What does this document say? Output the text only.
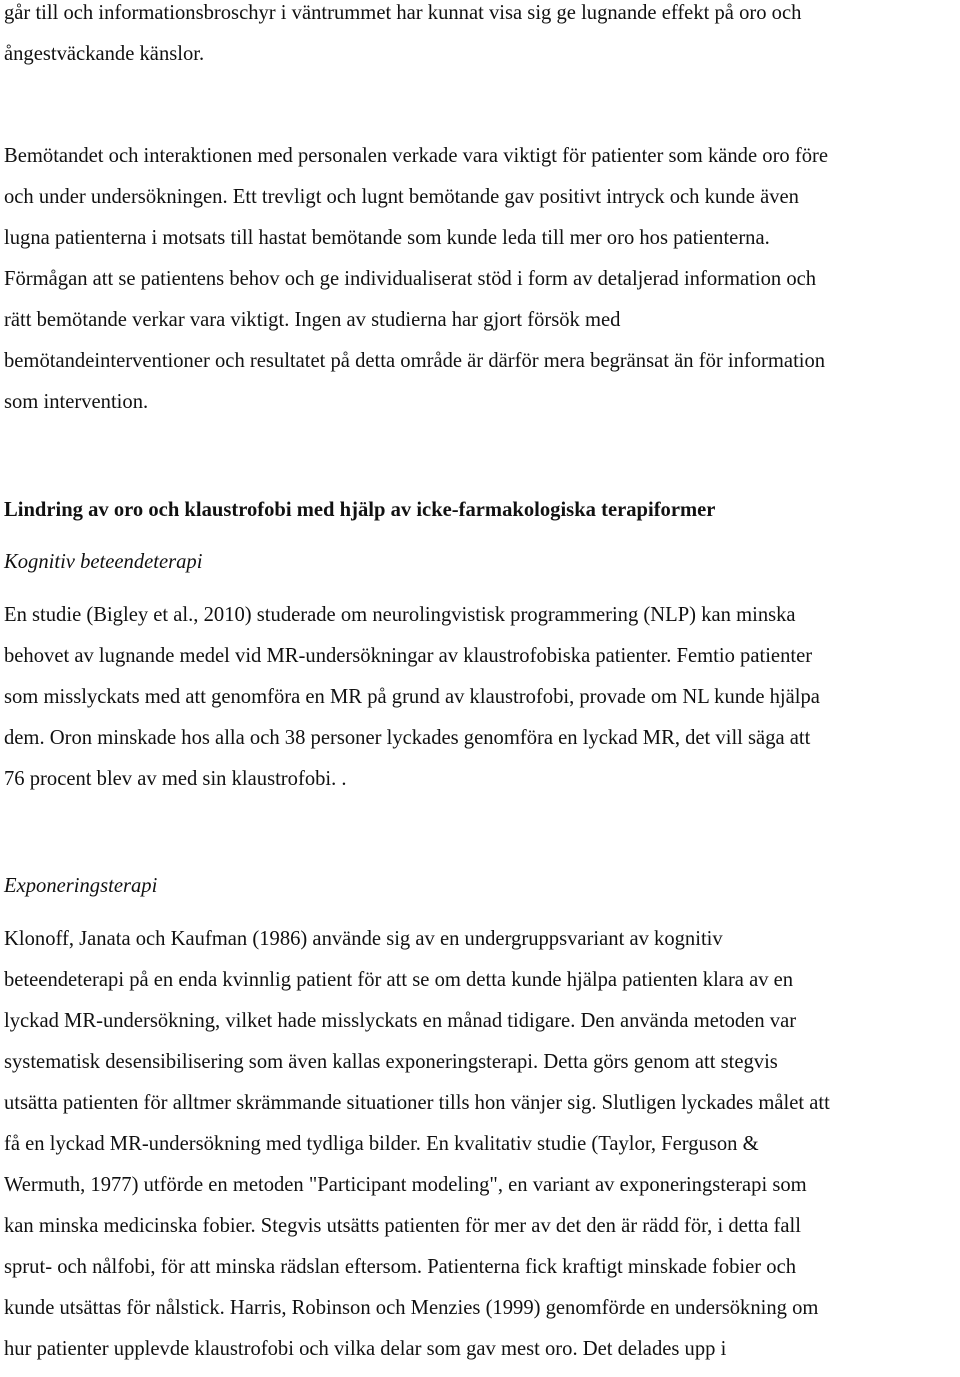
går till och informationsbroschyr i väntrummet har kunnat visa sig ge lugnande effekt på oro och
ångestväckande känslor.
Bemötandet och interaktionen med personalen verkade vara viktigt för patienter som kände oro före
och under undersökningen. Ett trevligt och lugnt bemötande gav positivt intryck och kunde även
lugna patienterna i motsats till hastat bemötande som kunde leda till mer oro hos patienterna.
Förmågan att se patientens behov och ge individualiserat stöd i form av detaljerad information och
rätt bemötande verkar vara viktigt. Ingen av studierna har gjort försök med
bemötandeinterventioner och resultatet på detta område är därför mera begränsat än för information
som intervention.
Lindring av oro och klaustrofobi med hjälp av icke-farmakologiska terapiformer
Kognitiv beteendeterapi
En studie (Bigley et al., 2010) studerade om neurolingvistisk programmering (NLP) kan minska
behovet av lugnande medel vid MR-undersökningar av klaustrofobiska patienter. Femtio patienter
som misslyckats med att genomföra en MR på grund av klaustrofobi, provade om NL kunde hjälpa
dem. Oron minskade hos alla och 38 personer lyckades genomföra en lyckad MR, det vill säga att
76 procent blev av med sin klaustrofobi. .
Exponeringsterapi
Klonoff, Janata och Kaufman (1986) använde sig av en undergruppsvariant av kognitiv
beteendeterapi på en enda kvinnlig patient för att se om detta kunde hjälpa patienten klara av en
lyckad MR-undersökning, vilket hade misslyckats en månad tidigare. Den använda metoden var
systematisk desensibilisering som även kallas exponeringsterapi. Detta görs genom att stegvis
utsätta patienten för alltmer skrämmande situationer tills hon vänjer sig. Slutligen lyckades målet att
få en lyckad MR-undersökning med tydliga bilder. En kvalitativ studie (Taylor, Ferguson &
Wermuth, 1977) utförde en metoden "Participant modeling", en variant av exponeringsterapi som
kan minska medicinska fobier. Stegvis utsätts patienten för mer av det den är rädd för, i detta fall
sprut- och nålfobi, för att minska rädslan eftersom. Patienterna fick kraftigt minskade fobier och
kunde utsättas för nålstick. Harris, Robinson och Menzies (1999) genomförde en undersökning om
hur patienter upplevde klaustrofobi och vilka delar som gav mest oro. Det delades upp i
